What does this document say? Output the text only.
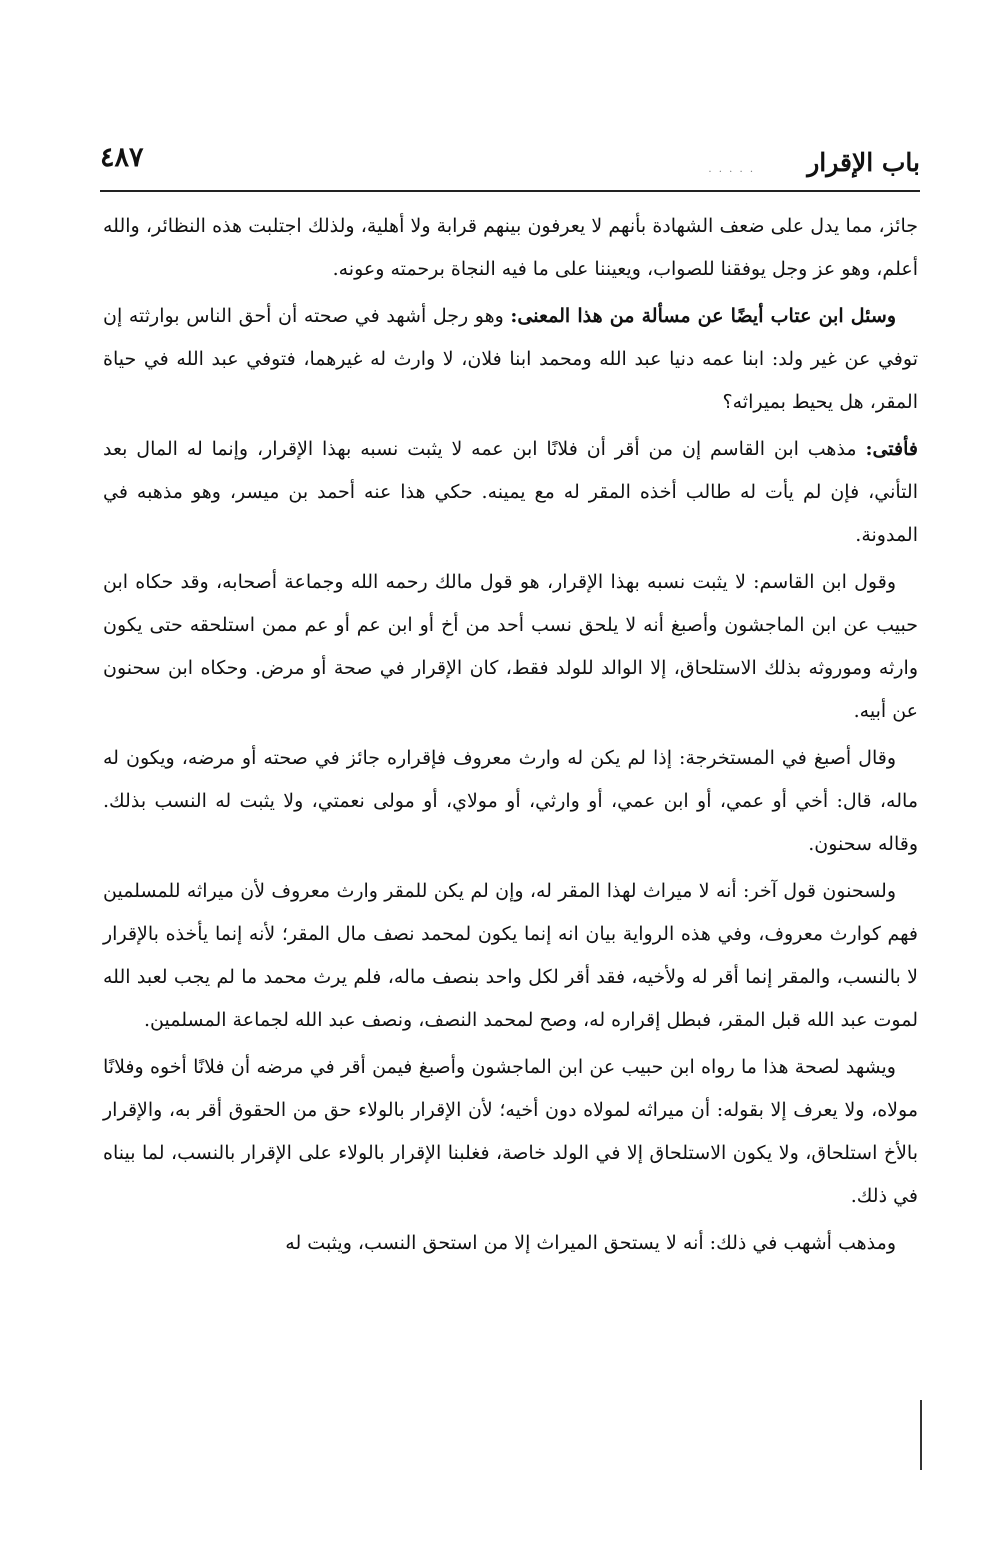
باب الإقرار
. . . . .
٤٨٧

جائز، مما يدل على ضعف الشهادة بأنهم لا يعرفون بينهم قرابة ولا أهلية، ولذلك اجتلبت هذه النظائر، والله أعلم، وهو عز وجل يوفقنا للصواب، ويعيننا على ما فيه النجاة برحمته وعونه.

وسئل ابن عتاب أيضًا عن مسألة من هذا المعنى: وهو رجل أشهد في صحته أن أحق الناس بوارثته إن توفي عن غير ولد: ابنا عمه دنيا عبد الله ومحمد ابنا فلان، لا وارث له غيرهما، فتوفي عبد الله في حياة المقر، هل يحيط بميراثه؟

فأفتى: مذهب ابن القاسم إن من أقر أن فلانًا ابن عمه لا يثبت نسبه بهذا الإقرار، وإنما له المال بعد التأني، فإن لم يأت له طالب أخذه المقر له مع يمينه. حكي هذا عنه أحمد بن ميسر، وهو مذهبه في المدونة.

وقول ابن القاسم: لا يثبت نسبه بهذا الإقرار، هو قول مالك رحمه الله وجماعة أصحابه، وقد حكاه ابن حبيب عن ابن الماجشون وأصبغ أنه لا يلحق نسب أحد من أخ أو ابن عم أو عم ممن استلحقه حتى يكون وارثه وموروثه بذلك الاستلحاق، إلا الوالد للولد فقط، كان الإقرار في صحة أو مرض. وحكاه ابن سحنون عن أبيه.

وقال أصبغ في المستخرجة: إذا لم يكن له وارث معروف فإقراره جائز في صحته أو مرضه، ويكون له ماله، قال: أخي أو عمي، أو ابن عمي، أو وارثي، أو مولاي، أو مولى نعمتي، ولا يثبت له النسب بذلك. وقاله سحنون.

ولسحنون قول آخر: أنه لا ميراث لهذا المقر له، وإن لم يكن للمقر وارث معروف لأن ميراثه للمسلمين فهم كوارث معروف، وفي هذه الرواية بيان انه إنما يكون لمحمد نصف مال المقر؛ لأنه إنما يأخذه بالإقرار لا بالنسب، والمقر إنما أقر له ولأخيه، فقد أقر لكل واحد بنصف ماله، فلم يرث محمد ما لم يجب لعبد الله لموت عبد الله قبل المقر، فبطل إقراره له، وصح لمحمد النصف، ونصف عبد الله لجماعة المسلمين.

ويشهد لصحة هذا ما رواه ابن حبيب عن ابن الماجشون وأصبغ فيمن أقر في مرضه أن فلانًا أخوه وفلانًا مولاه، ولا يعرف إلا بقوله: أن ميراثه لمولاه دون أخيه؛ لأن الإقرار بالولاء حق من الحقوق أقر به، والإقرار بالأخ استلحاق، ولا يكون الاستلحاق إلا في الولد خاصة، فغلبنا الإقرار بالولاء على الإقرار بالنسب، لما بيناه في ذلك.

ومذهب أشهب في ذلك: أنه لا يستحق الميراث إلا من استحق النسب، ويثبت له
